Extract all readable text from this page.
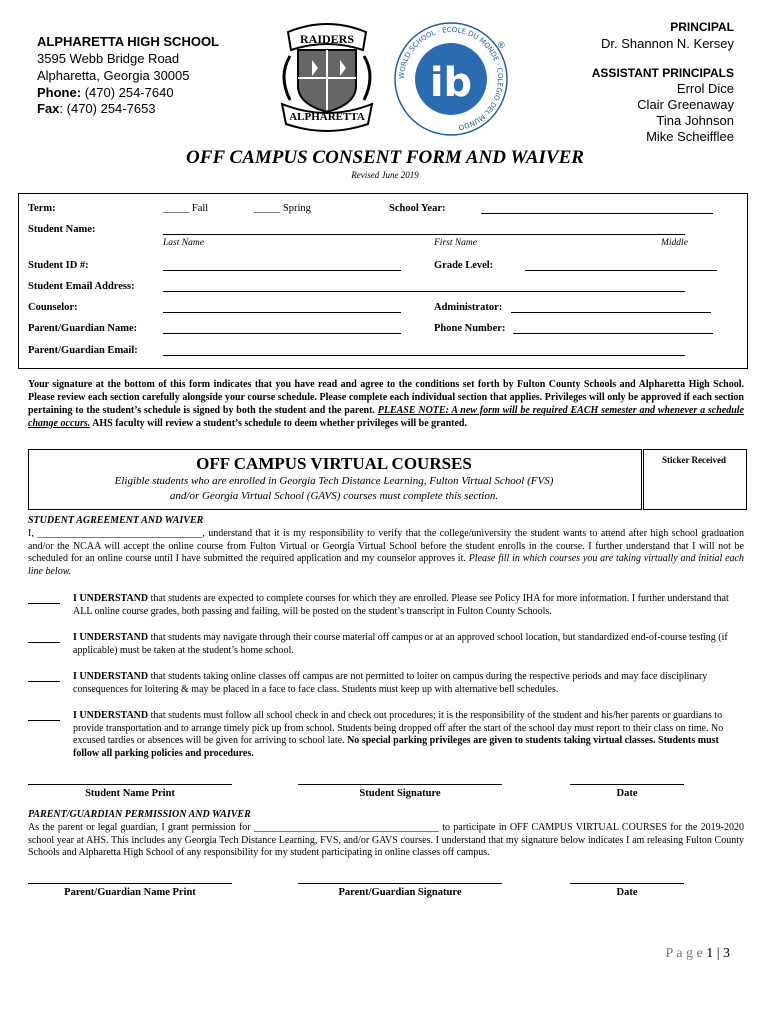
ALPHARETTA HIGH SCHOOL
3595 Webb Bridge Road
Alpharetta, Georgia 30005
Phone: (470) 254-7640
Fax: (470) 254-7653
RAIDERS
ALPHARETTA
ib
WORLD SCHOOL · ÉCOLE DU MONDE · COLEGIO DEL MUNDO
®
PRINCIPAL
Dr. Shannon N. Kersey
ASSISTANT PRINCIPALS
Errol Dice
Clair Greenaway
Tina Johnson
Mike Scheifflee
OFF CAMPUS CONSENT FORM AND WAIVER
Revised June 2019
Term:	_____ Fall	_____ Spring	School Year:
Student Name:
Last Name	First Name	Middle
Student ID #:	Grade Level:
Student Email Address:
Counselor:	Administrator:
Parent/Guardian Name:	Phone Number:
Parent/Guardian Email:

Your signature at the bottom of this form indicates that you have read and agree to the conditions set forth by Fulton County Schools and Alpharetta High School. Please review each section carefully alongside your course schedule. Please complete each individual section that applies. Privileges will only be approved if each section pertaining to the student’s schedule is signed by both the student and the parent. PLEASE NOTE: A new form will be required EACH semester and whenever a schedule change occurs. AHS faculty will review a student’s schedule to deem whether privileges will be granted.

OFF CAMPUS VIRTUAL COURSES
Eligible students who are enrolled in Georgia Tech Distance Learning, Fulton Virtual School (FVS)
and/or Georgia Virtual School (GAVS) courses must complete this section.
Sticker Received
STUDENT AGREEMENT AND WAIVER

I, _________________________________, understand that it is my responsibility to verify that the college/university the student wants to attend after high school graduation and/or the NCAA will accept the online course from Fulton Virtual or Georgia Virtual School before the student enrolls in the course. I further understand that I will not be scheduled for an online course until I have submitted the required application and my counselor approves it. Please fill in which courses you are taking virtually and initial each line below.

I UNDERSTAND that students are expected to complete courses for which they are enrolled. Please see Policy IHA for more information. I further understand that ALL online course grades, both passing and failing, will be posted on the student’s transcript in Fulton County Schools.
I UNDERSTAND that students may navigate through their course material off campus or at an approved school location, but standardized end-of-course testing (if applicable) must be taken at the student’s home school.
I UNDERSTAND that students taking online classes off campus are not permitted to loiter on campus during the respective periods and may face disciplinary consequences for loitering & may be placed in a face to face class. Students must keep up with alternative bell schedules.
I UNDERSTAND that students must follow all school check in and check out procedures; it is the responsibility of the student and his/her parents or guardians to provide transportation and to arrange timely pick up from school. Students being dropped off after the start of the school day must report to their class on time. No excused tardies or absences will be given for arriving to school late. No special parking privileges are given to students taking virtual classes. Students must follow all parking policies and procedures.
Student Name Print	Student Signature	Date
PARENT/GUARDIAN PERMISSION AND WAIVER

As the parent or legal guardian, I grant permission for _____________________________________ to participate in OFF CAMPUS VIRTUAL COURSES for the 2019-2020 school year at AHS. This includes any Georgia Tech Distance Learning, FVS, and/or GAVS courses. I understand that my signature below indicates I am releasing Fulton County Schools and Alpharetta High School of any responsibility for my student participating in online classes off campus.

Parent/Guardian Name Print	Parent/Guardian Signature	Date
P a g e 1 | 3
